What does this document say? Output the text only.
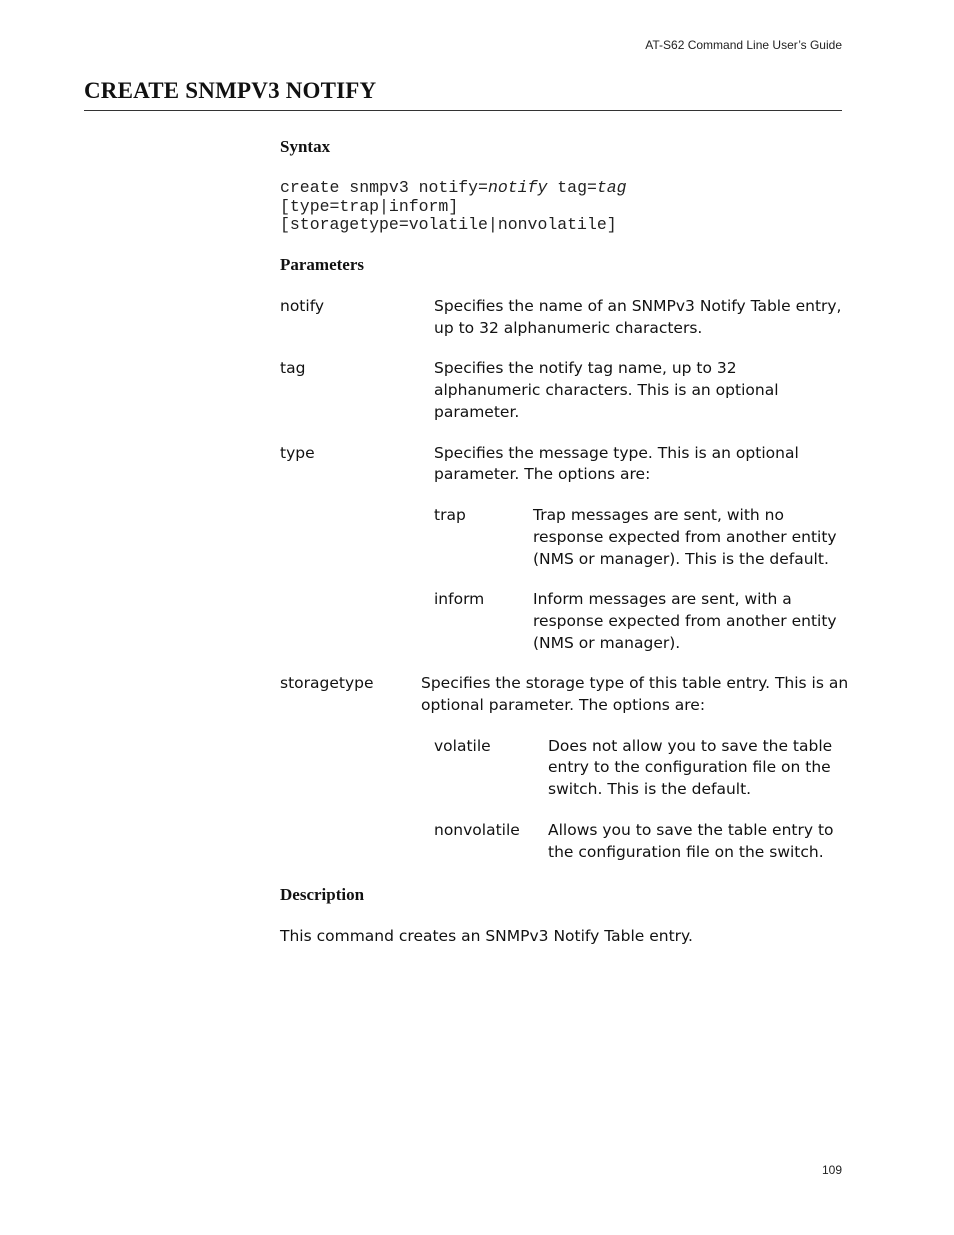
AT-S62 Command Line User’s Guide
CREATE SNMPV3 NOTIFY
Syntax
create snmpv3 notify=notify tag=tag
[type=trap|inform]
[storagetype=volatile|nonvolatile]
Parameters

notify	Specifies the name of an SNMPv3 Notify Table entry,

up to 32 alphanumeric characters.

tag	Specifies the notify tag name, up to 32

alphanumeric characters. This is an optional

parameter.

type	Specifies the message type. This is an optional

parameter. The options are:

trap	Trap messages are sent, with no

response expected from another entity

(NMS or manager). This is the default.

inform	Inform messages are sent, with a

response expected from another entity

(NMS or manager).

storagetype	Specifies the storage type of this table entry. This is an

optional parameter. The options are:

volatile	Does not allow you to save the table

entry to the configuration file on the

switch. This is the default.

nonvolatile Allows you to save the table entry to

the configuration file on the switch.

Description

This command creates an SNMPv3 Notify Table entry.

109
